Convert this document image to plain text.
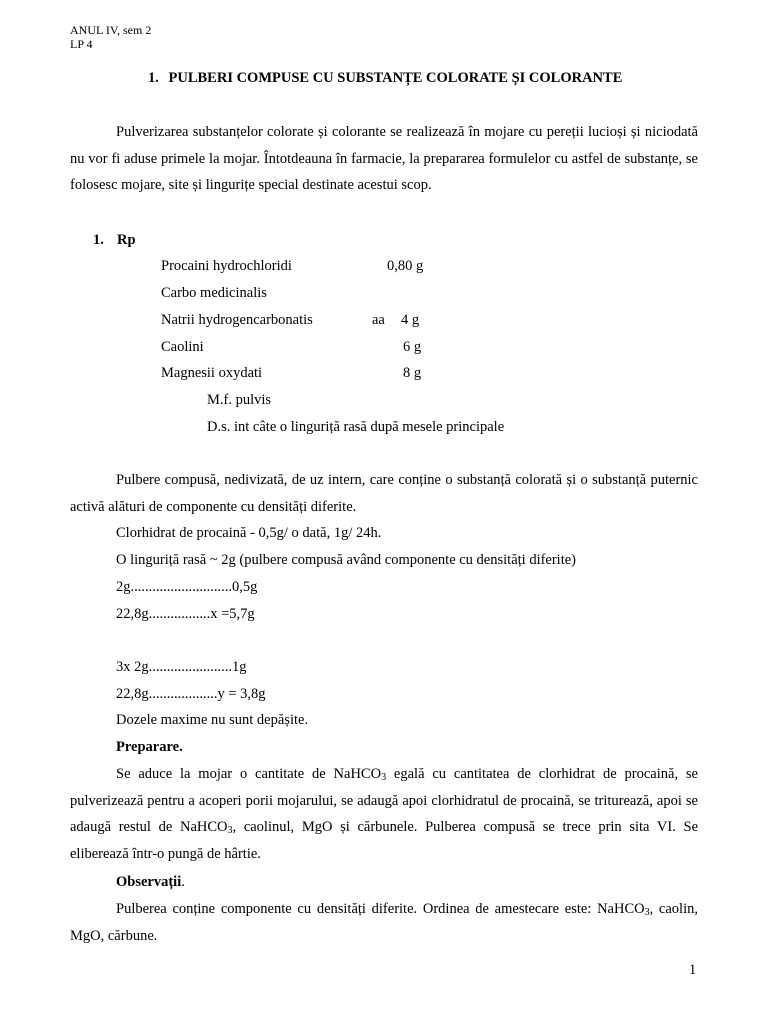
ANUL IV, sem 2
LP 4
1. PULBERI COMPUSE CU SUBSTANȚE COLORATE ȘI COLORANTE
Pulverizarea substanțelor colorate și colorante se realizează în mojare cu pereții lucioși și niciodată nu vor fi aduse primele la mojar. Întotdeauna în farmacie, la prepararea formulelor cu astfel de substanțe, se folosesc mojare, site și lingurițe special destinate acestui scop.
1. Rp
Procaini hydrochloridi	0,80 g
Carbo medicinalis
Natrii hydrogencarbonatis	aa 4 g
Caolini	6 g
Magnesii oxydati	8 g
M.f. pulvis
D.s. int câte o linguriță rasă după mesele principale
Pulbere compusă, nedivizată, de uz intern, care conține o substanță colorată și o substanță puternic activă alături de componente cu densități diferite.
Clorhidrat de procaină - 0,5g/ o dată, 1g/ 24h.
O linguriță rasă ~ 2g (pulbere compusă având componente cu densități diferite)
2g............................0,5g
22,8g.................x =5,7g
3x 2g.......................1g
22,8g...................y = 3,8g
Dozele maxime nu sunt depășite.
Preparare.
Se aduce la mojar o cantitate de NaHCO$_3$ egală cu cantitatea de clorhidrat de procaină, se pulverizează pentru a acoperi porii mojarului, se adaugă apoi clorhidratul de procaină, se triturează, apoi se adaugă restul de NaHCO$_3$, caolinul, MgO și cărbunele. Pulberea compusă se trece prin sita VI. Se eliberează într-o pungă de hârtie.
Observații.
Pulberea conține componente cu densități diferite. Ordinea de amestecare este: NaHCO$_3$, caolin, MgO, cărbune.
1
